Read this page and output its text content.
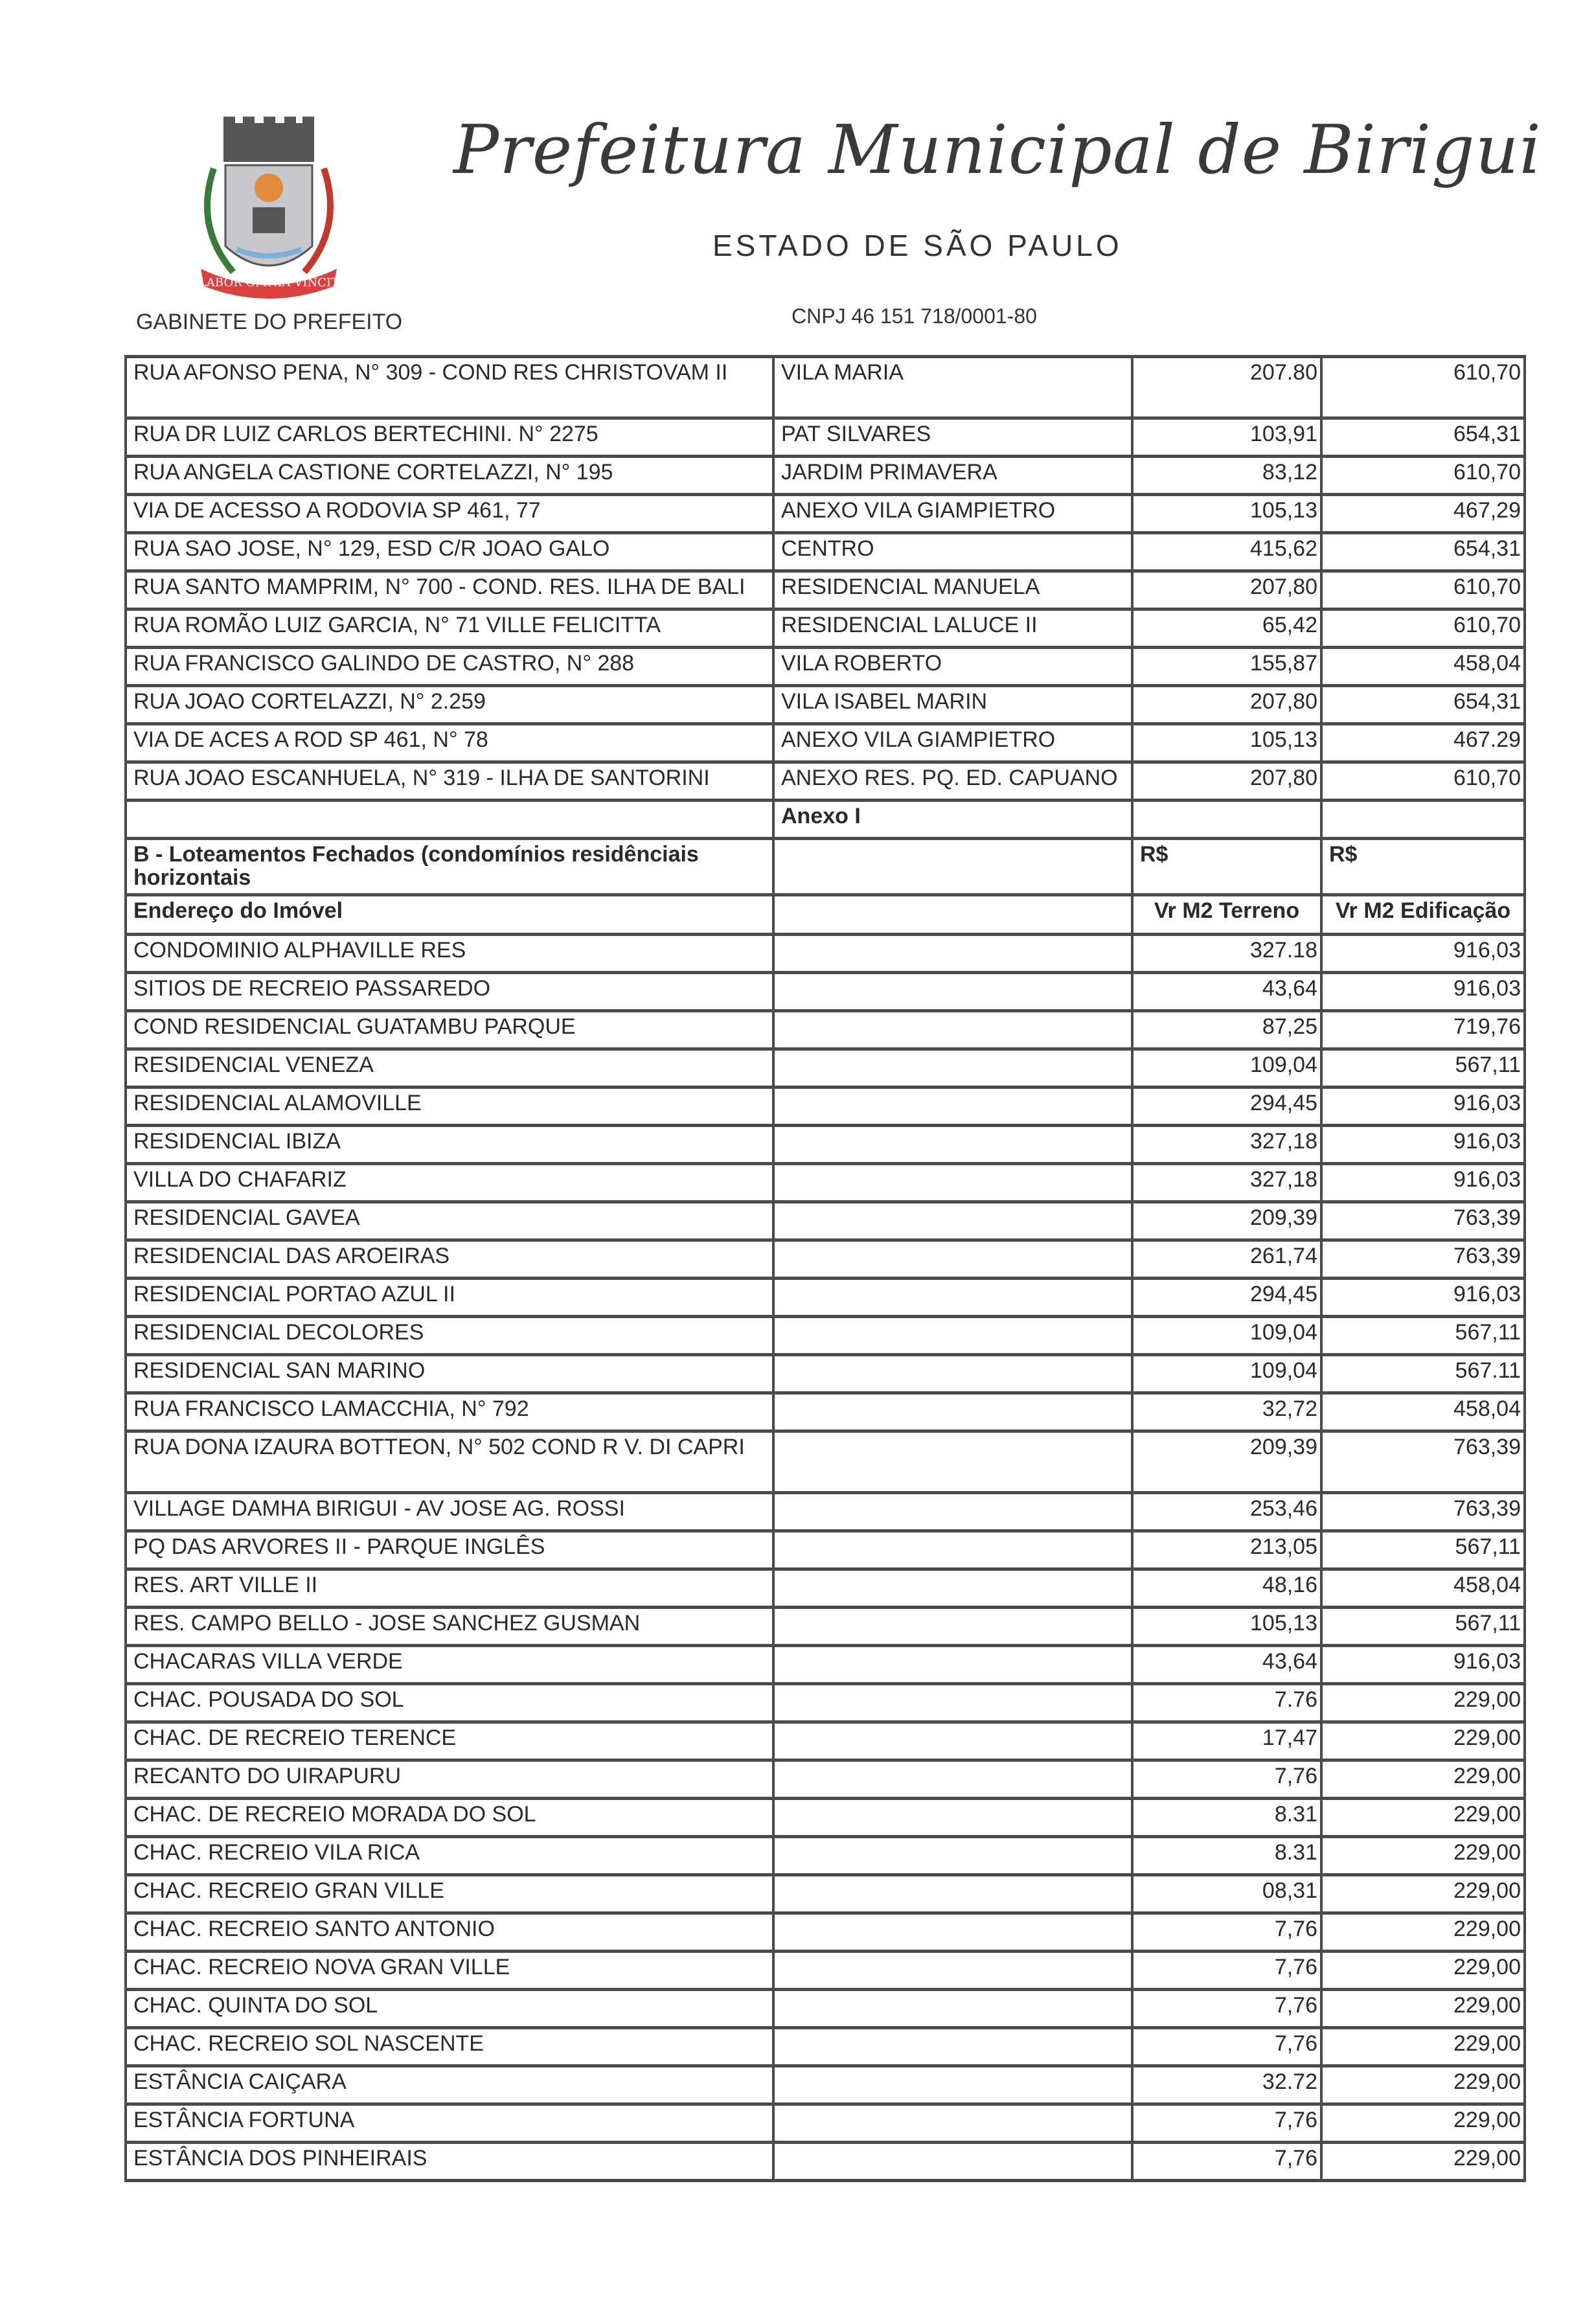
LABOR OMNIA VINCIT
Prefeitura Municipal de Birigui
ESTADO DE SÃO PAULO
GABINETE DO PREFEITO	CNPJ 46 151 718/0001-80
RUA AFONSO PENA, N° 309 - COND RES CHRISTOVAM II	VILA MARIA	207.80	610,70
RUA DR LUIZ CARLOS BERTECHINI. N° 2275	PAT SILVARES	103,91	654,31
RUA ANGELA CASTIONE CORTELAZZI, N° 195	JARDIM PRIMAVERA	83,12	610,70
VIA DE ACESSO A RODOVIA SP 461, 77	ANEXO VILA GIAMPIETRO	105,13	467,29
RUA SAO JOSE, N° 129, ESD C/R JOAO GALO	CENTRO	415,62	654,31
RUA SANTO MAMPRIM, N° 700 - COND. RES. ILHA DE BALI	RESIDENCIAL MANUELA	207,80	610,70
RUA ROMÃO LUIZ GARCIA, N° 71 VILLE FELICITTA	RESIDENCIAL LALUCE II	65,42	610,70
RUA FRANCISCO GALINDO DE CASTRO, N° 288	VILA ROBERTO	155,87	458,04
RUA JOAO CORTELAZZI, N° 2.259	VILA ISABEL MARIN	207,80	654,31
VIA DE ACES A ROD SP 461, N° 78	ANEXO VILA GIAMPIETRO	105,13	467.29
RUA JOAO ESCANHUELA, N° 319 - ILHA DE SANTORINI	ANEXO RES. PQ. ED. CAPUANO	207,80	610,70
	Anexo I		
B - Loteamentos Fechados (condomínios residênciais horizontais		R$	R$
Endereço do Imóvel		Vr M2 Terreno	Vr M2 Edificação
CONDOMINIO ALPHAVILLE RES		327.18	916,03
SITIOS DE RECREIO PASSAREDO		43,64	916,03
COND RESIDENCIAL GUATAMBU PARQUE		87,25	719,76
RESIDENCIAL VENEZA		109,04	567,11
RESIDENCIAL ALAMOVILLE		294,45	916,03
RESIDENCIAL IBIZA		327,18	916,03
VILLA DO CHAFARIZ		327,18	916,03
RESIDENCIAL GAVEA		209,39	763,39
RESIDENCIAL DAS AROEIRAS		261,74	763,39
RESIDENCIAL PORTAO AZUL II		294,45	916,03
RESIDENCIAL DECOLORES		109,04	567,11
RESIDENCIAL SAN MARINO		109,04	567.11
RUA FRANCISCO LAMACCHIA, N° 792		32,72	458,04
RUA DONA IZAURA BOTTEON, N° 502 COND R V. DI CAPRI		209,39	763,39
VILLAGE DAMHA BIRIGUI - AV JOSE AG. ROSSI		253,46	763,39
PQ DAS ARVORES II - PARQUE INGLÊS		213,05	567,11
RES. ART VILLE II		48,16	458,04
RES. CAMPO BELLO - JOSE SANCHEZ GUSMAN		105,13	567,11
CHACARAS VILLA VERDE		43,64	916,03
CHAC. POUSADA DO SOL		7.76	229,00
CHAC. DE RECREIO TERENCE		17,47	229,00
RECANTO DO UIRAPURU		7,76	229,00
CHAC. DE RECREIO MORADA DO SOL		8.31	229,00
CHAC. RECREIO VILA RICA		8.31	229,00
CHAC. RECREIO GRAN VILLE		08,31	229,00
CHAC. RECREIO SANTO ANTONIO		7,76	229,00
CHAC. RECREIO NOVA GRAN VILLE		7,76	229,00
CHAC. QUINTA DO SOL		7,76	229,00
CHAC. RECREIO SOL NASCENTE		7,76	229,00
ESTÂNCIA CAIÇARA		32.72	229,00
ESTÂNCIA FORTUNA		7,76	229,00
ESTÂNCIA DOS PINHEIRAIS		7,76	229,00
